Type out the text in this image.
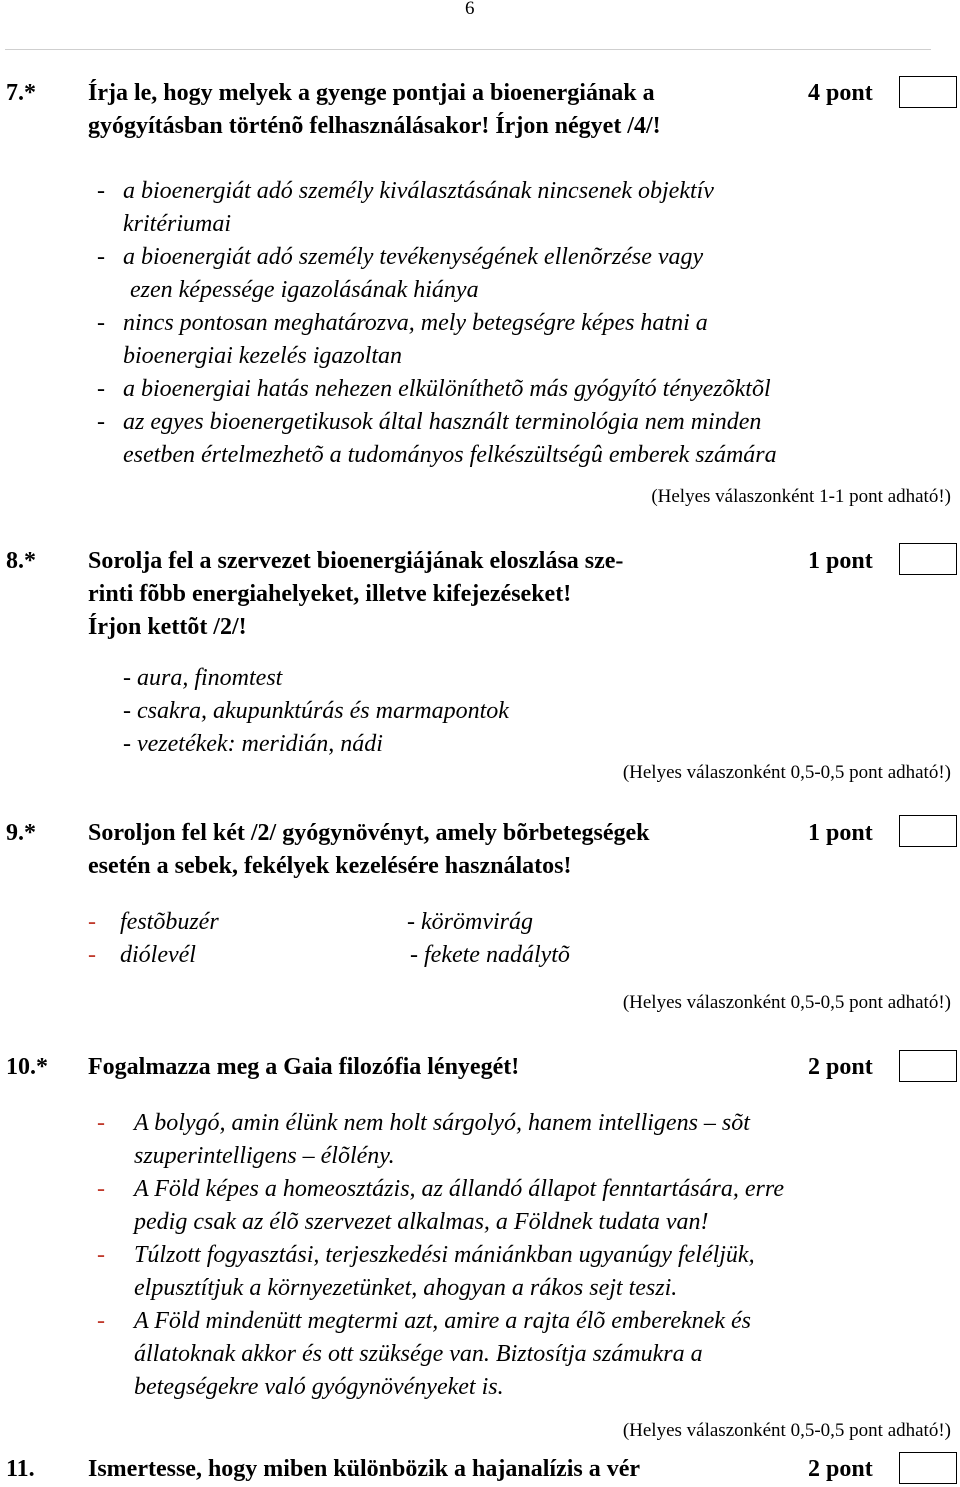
6
7.* Írja le, hogy melyek a gyenge pontjai a bioenergiának a
gyógyításban történõ felhasználásakor! Írjon négyet /4/!
4 pont
- a bioenergiát adó személy kiválasztásának nincsenek objektív
kritériumai
- a bioenergiát adó személy tevékenységének ellenõrzése vagy
ezen képessége igazolásának hiánya
- nincs pontosan meghatározva, mely betegségre képes hatni a
bioenergiai kezelés igazoltan
- a bioenergiai hatás nehezen elkülöníthetõ más gyógyító tényezõktõl
- az egyes bioenergetikusok által használt terminológia nem minden
esetben értelmezhetõ a tudományos felkészültségû emberek számára
(Helyes válaszonként 1-1 pont adható!)
8.* Sorolja fel a szervezet bioenergiájának eloszlása sze-
rinti fõbb energiahelyeket, illetve kifejezéseket!
Írjon kettõt /2/!
1 pont
- aura, finomtest
- csakra, akupunktúrás és marmapontok
- vezetékek: meridián, nádi
(Helyes válaszonként 0,5-0,5 pont adható!)
9.* Soroljon fel két /2/ gyógynövényt, amely bõrbetegségek
esetén a sebek, fekélyek kezelésére használatos!
1 pont
- festõbuzér
- diólevél
- körömvirág
- fekete nadálytõ
(Helyes válaszonként 0,5-0,5 pont adható!)
10.* Fogalmazza meg a Gaia filozófia lényegét!	2 pont
- A bolygó, amin élünk nem holt sárgolyó, hanem intelligens – sõt
szuperintelligens – élõlény.
- A Föld képes a homeosztázis, az állandó állapot fenntartására, erre
pedig csak az élõ szervezet alkalmas, a Földnek tudata van!
- Túlzott fogyasztási, terjeszkedési mániánkban ugyanúgy feléljük,
elpusztítjuk a környezetünket, ahogyan a rákos sejt teszi.
- A Föld mindenütt megtermi azt, amire a rajta élõ embereknek és
állatoknak akkor és ott szüksége van. Biztosítja számukra a
betegségekre való gyógynövényeket is.
(Helyes válaszonként 0,5-0,5 pont adható!)
11. Ismertesse, hogy miben különbözik a hajanalízis a vér	2 pont
